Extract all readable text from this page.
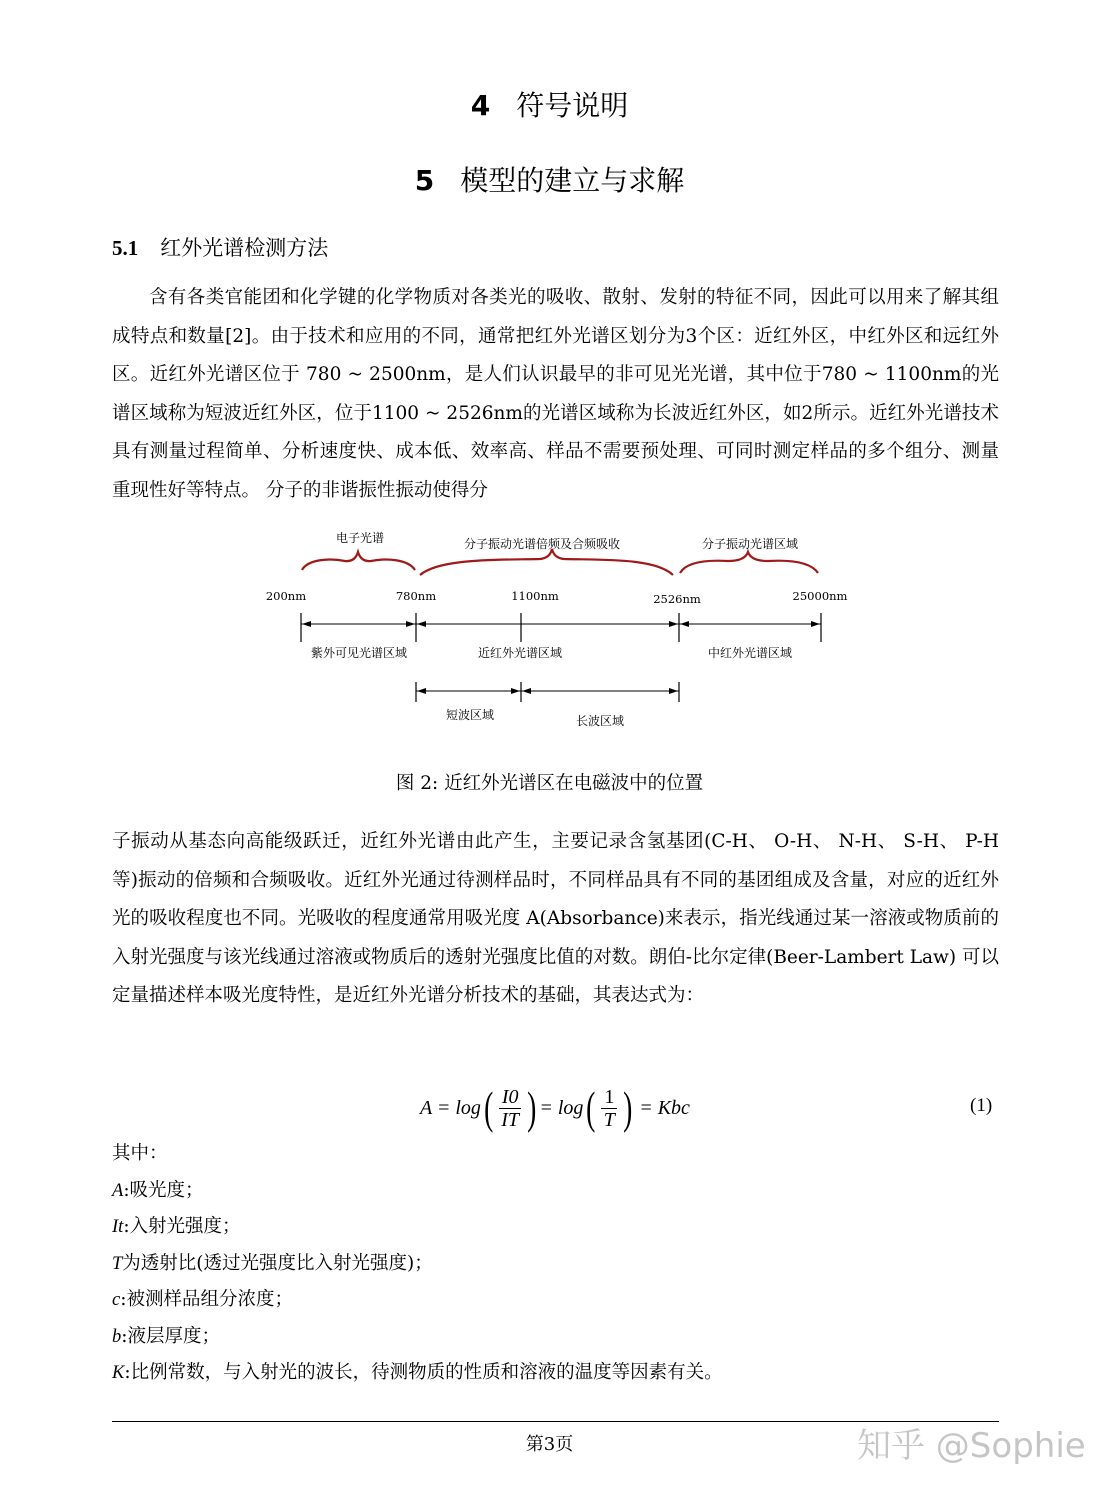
4 符号说明
5 模型的建立与求解
5.1 红外光谱检测方法
含有各类官能团和化学键的化学物质对各类光的吸收、散射、发射的特征不同，因此可以用来了解其组成特点和数量[2]。由于技术和应用的不同，通常把红外光谱区划分为3个区：近红外区，中红外区和远红外区。近红外光谱区位于 780 ~ 2500nm，是人们认识最早的非可见光光谱，其中位于780 ~ 1100nm的光谱区域称为短波近红外区，位于1100 ~ 2526nm的光谱区域称为长波近红外区，如2所示。近红外光谱技术具有测量过程简单、分析速度快、成本低、效率高、样品不需要预处理、可同时测定样品的多个组分、测量重现性好等特点。 分子的非谐振性振动使得分
电子光谱	分子振动光谱倍频及合频吸收	分子振动光谱区域
200nm	780nm	1100nm	2526nm	25000nm
紫外可见光谱区域	近红外光谱区域	中红外光谱区域
短波区域	长波区域
图 2: 近红外光谱区在电磁波中的位置
子振动从基态向高能级跃迁，近红外光谱由此产生，主要记录含氢基团(C-H、 O-H、 N-H、 S-H、 P-H 等)振动的倍频和合频吸收。近红外光通过待测样品时，不同样品具有不同的基团组成及含量，对应的近红外光的吸收程度也不同。光吸收的程度通常用吸光度 A(Absorbance)来表示，指光线通过某一溶液或物质前的入射光强度与该光线通过溶液或物质后的透射光强度比值的对数。朗伯-比尔定律(Beer-Lambert Law) 可以定量描述样本吸光度特性，是近红外光谱分析技术的基础，其表达式为：
A = log ( $\frac{I0}{IT}$ ) = log ( $\frac{1}{T}$ ) = Kbc	(1)
其中：
A:吸光度；
It:入射光强度；
T为透射比(透过光强度比入射光强度)；
c:被测样品组分浓度；
b:液层厚度；
K:比例常数，与入射光的波长，待测物质的性质和溶液的温度等因素有关。
第3页	知乎 @Sophie
